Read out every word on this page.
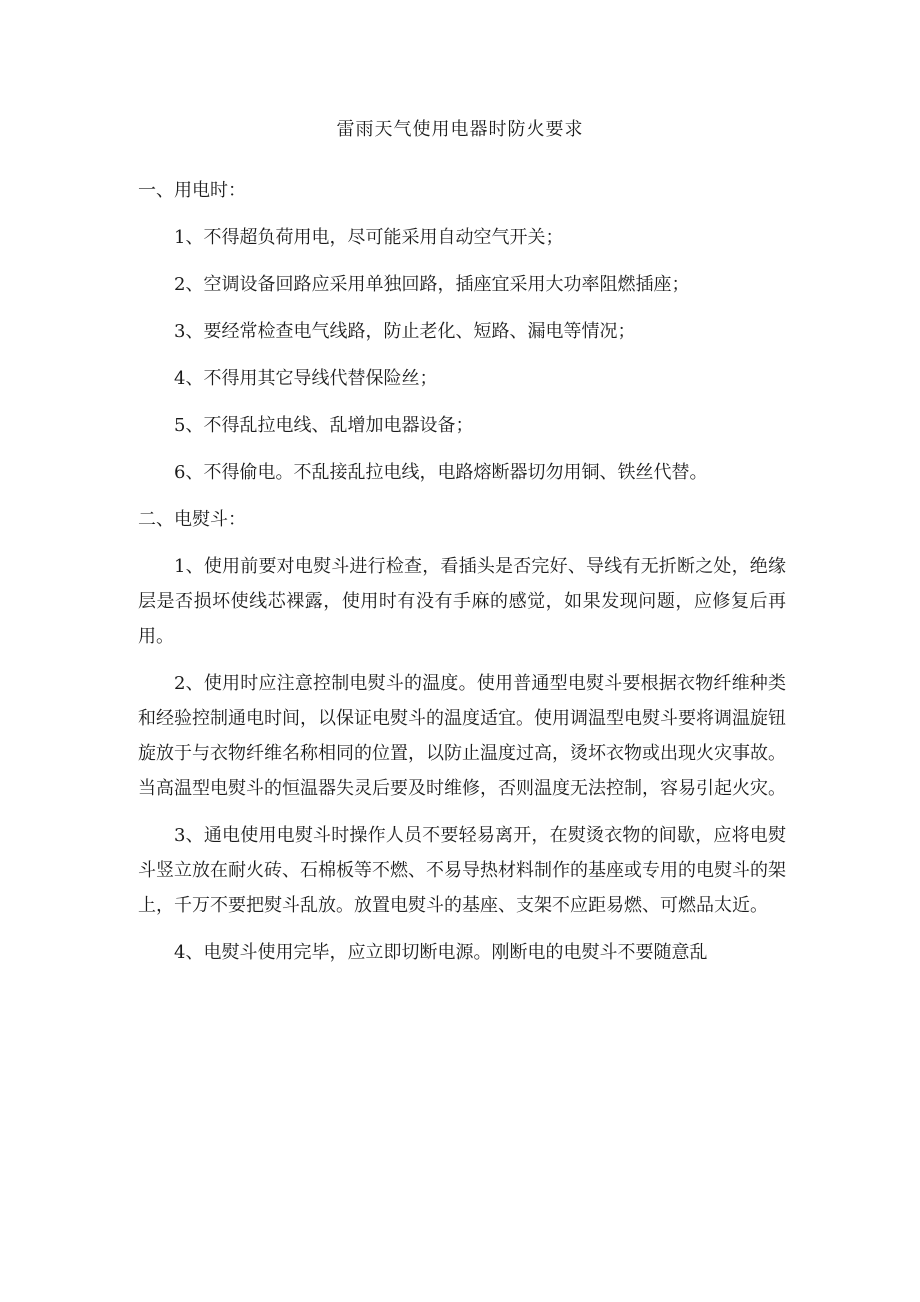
雷雨天气使用电器时防火要求

一、用电时：

1、不得超负荷用电，尽可能采用自动空气开关；

2、空调设备回路应采用单独回路，插座宜采用大功率阻燃插座；

3、要经常检查电气线路，防止老化、短路、漏电等情况；

4、不得用其它导线代替保险丝；

5、不得乱拉电线、乱增加电器设备；

6、不得偷电。不乱接乱拉电线，电路熔断器切勿用铜、铁丝代替。

二、电熨斗：

1、使用前要对电熨斗进行检查，看插头是否完好、导线有无折断之处，绝缘层是否损坏使线芯裸露，使用时有没有手麻的感觉，如果发现问题，应修复后再用。

2、使用时应注意控制电熨斗的温度。使用普通型电熨斗要根据衣物纤维种类和经验控制通电时间，以保证电熨斗的温度适宜。使用调温型电熨斗要将调温旋钮旋放于与衣物纤维名称相同的位置，以防止温度过高，烫坏衣物或出现火灾事故。当高温型电熨斗的恒温器失灵后要及时维修，否则温度无法控制，容易引起火灾。

3、通电使用电熨斗时操作人员不要轻易离开，在熨烫衣物的间歇，应将电熨斗竖立放在耐火砖、石棉板等不燃、不易导热材料制作的基座或专用的电熨斗的架上，千万不要把熨斗乱放。放置电熨斗的基座、支架不应距易燃、可燃品太近。

4、电熨斗使用完毕，应立即切断电源。刚断电的电熨斗不要随意乱
